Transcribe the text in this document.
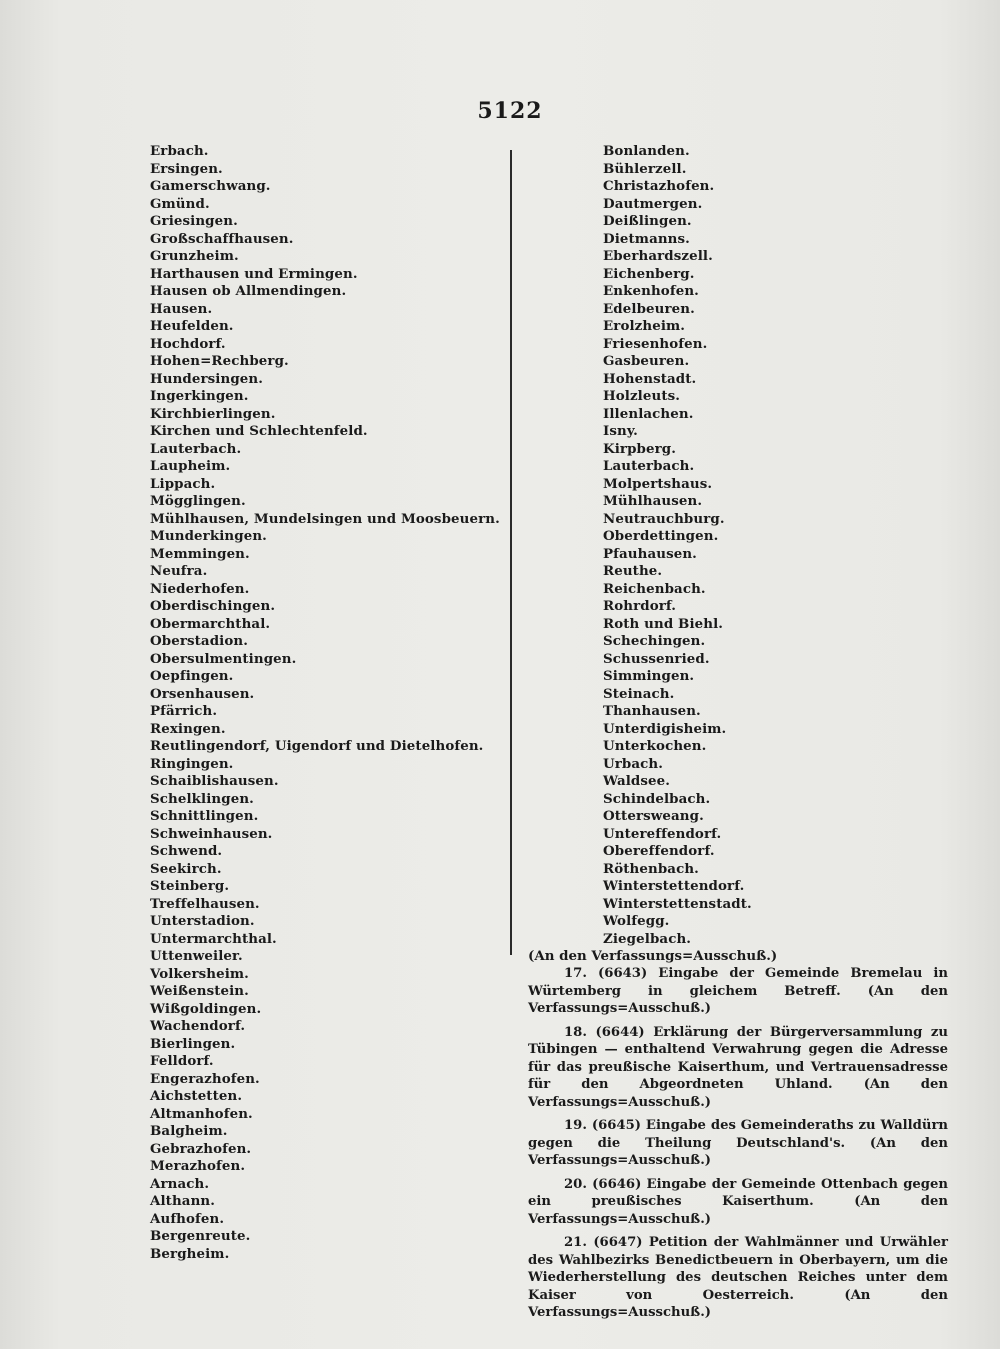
5122
Erbach.
Ersingen.
Gamerschwang.
Gmünd.
Griesingen.
Großschaffhausen.
Grunzheim.
Harthausen und Ermingen.
Hausen ob Allmendingen.
Hausen.
Heufelden.
Hochdorf.
Hohen=Rechberg.
Hundersingen.
Ingerkingen.
Kirchbierlingen.
Kirchen und Schlechtenfeld.
Lauterbach.
Laupheim.
Lippach.
Mögglingen.
Mühlhausen, Mundelsingen und Moosbeuern.
Munderkingen.
Memmingen.
Neufra.
Niederhofen.
Oberdischingen.
Obermarchthal.
Oberstadion.
Obersulmentingen.
Oepfingen.
Orsenhausen.
Pfärrich.
Rexingen.
Reutlingendorf, Uigendorf und Dietelhofen.
Ringingen.
Schaiblishausen.
Schelklingen.
Schnittlingen.
Schweinhausen.
Schwend.
Seekirch.
Steinberg.
Treffelhausen.
Unterstadion.
Untermarchthal.
Uttenweiler.
Volkersheim.
Weißenstein.
Wißgoldingen.
Wachendorf.
Bierlingen.
Felldorf.
Engerazhofen.
Aichstetten.
Altmanhofen.
Balgheim.
Gebrazhofen.
Merazhofen.
Arnach.
Althann.
Aufhofen.
Bergenreute.
Bergheim.
Bonlanden.
Bühlerzell.
Christazhofen.
Dautmergen.
Deißlingen.
Dietmanns.
Eberhardszell.
Eichenberg.
Enkenhofen.
Edelbeuren.
Erolzheim.
Friesenhofen.
Gasbeuren.
Hohenstadt.
Holzleuts.
Illenlachen.
Isny.
Kirpberg.
Lauterbach.
Molpertshaus.
Mühlhausen.
Neutrauchburg.
Oberdettingen.
Pfauhausen.
Reuthe.
Reichenbach.
Rohrdorf.
Roth und Biehl.
Schechingen.
Schussenried.
Simmingen.
Steinach.
Thanhausen.
Unterdigisheim.
Unterkochen.
Urbach.
Waldsee.
Schindelbach.
Ottersweang.
Untereffendorf.
Obereffendorf.
Röthenbach.
Winterstettendorf.
Winterstettenstadt.
Wolfegg.
Ziegelbach.
(An den Verfassungs=Ausschuß.)

17. (6643) Eingabe der Gemeinde Bremelau in Würtemberg in gleichem Betreff. (An den Verfassungs=Ausschuß.)

18. (6644) Erklärung der Bürgerversammlung zu Tübingen — enthaltend Verwahrung gegen die Adresse für das preußische Kaiserthum, und Vertrauensadresse für den Abgeordneten Uhland. (An den Verfassungs=Ausschuß.)

19. (6645) Eingabe des Gemeinderaths zu Walldürn gegen die Theilung Deutschland's. (An den Verfassungs=Ausschuß.)

20. (6646) Eingabe der Gemeinde Ottenbach gegen ein preußisches Kaiserthum. (An den Verfassungs=Ausschuß.)

21. (6647) Petition der Wahlmänner und Urwähler des Wahlbezirks Benedictbeuern in Oberbayern, um die Wiederherstellung des deutschen Reiches unter dem Kaiser von Oesterreich. (An den Verfassungs=Ausschuß.)
